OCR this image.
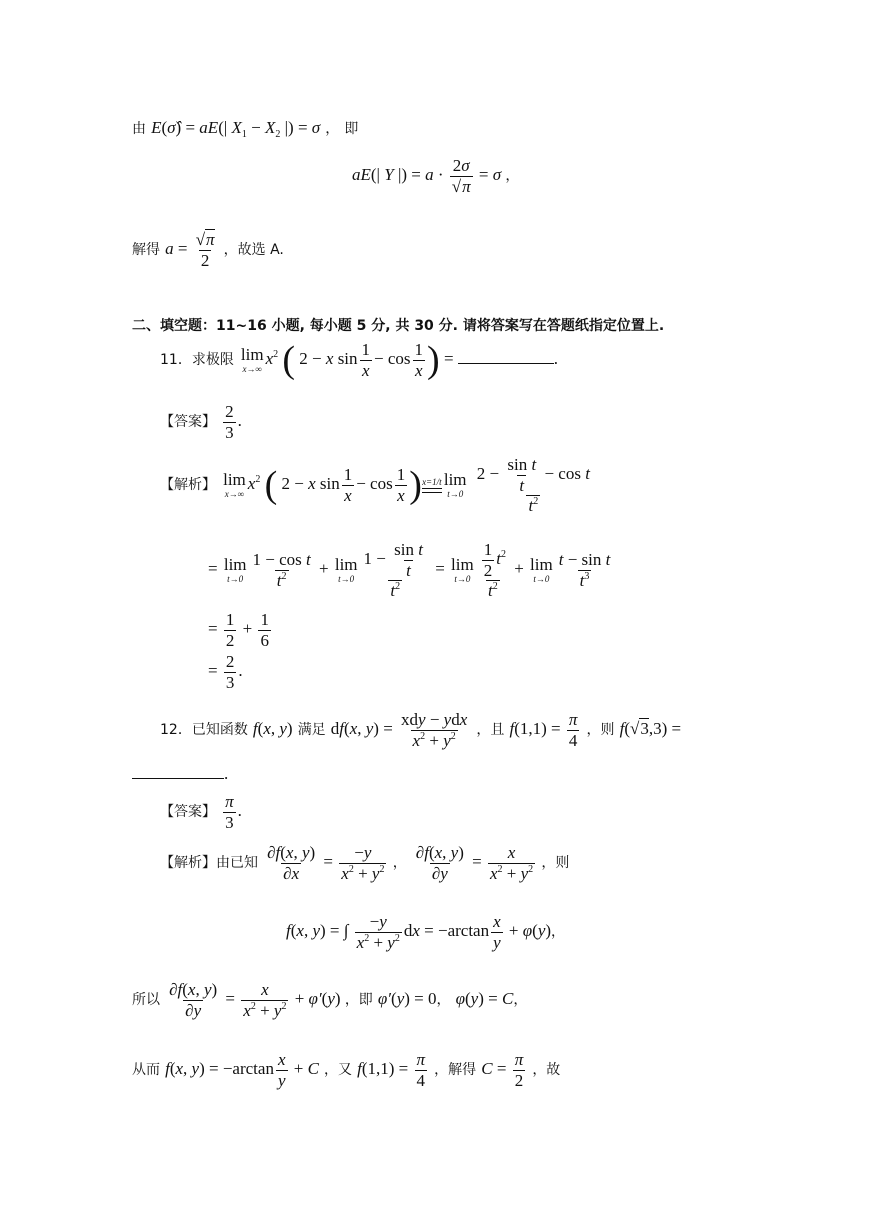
由 E(σ̂) = aE(| $X_1 - X_2$ |) = σ ， 即
aE(| Y |) = $a \cdot \frac{2\sigma}{√\pi} = \sigma$ ，
解得 $a = \frac{√\pi}{2}$ ，故选 A.
二、填空题：11~16 小题, 每小题 5 分, 共 30 分. 请将答案写在答题纸指定位置上.
11．求极限 lim
x→∞
$x^2$ ( 2 − x $\sin \frac{1}{x} - \cos \frac{1}{x}$ ) =	.
【答案】 $\frac{2}{3}$ .
【解析】 lim
x→∞
$x^2$ ( 2 − x $\sin \frac{1}{x} - \cos \frac{1}{x}$ ) x=1/t lim
t→0
$\frac{2 - \frac{\text{sin t}}{t} - \cos t}{t^2}$
= lim
$t\to 0 \frac{\text{1 − cos t}}{t^2} + \lim$
$t\to 0 \frac{1 - \frac{\text{sin t}}{t}}{t^2} = \lim$
$t\to 0 \frac{\frac{1}{2} t^2}{t^2} + \lim$
$t\to 0 \frac{\text{t − sin t}}{t^3}$
= $\frac{1}{2} + \frac{1}{6}$
= $\frac{2}{3}$ .
12．已知函数 f(x, y) 满足 df(x, $y) = \frac{\text{xdy − ydx}}{x^2 + y^2}$ ，且 $f(1,1) = \frac{\pi}{4}$ ，则 f(√3,3) =
.
【答案】 $\frac{\pi}{3}$ .
【解析】由已知 $\frac{\partial f(x, y)}{\partial x} = \frac{-y}{x^2 + y^2}$ ， $\frac{\partial f(x, y)}{\partial y} = \frac{x}{x^2 + y^2}$ ，则
f(x, y) = ∫ $\frac{-y}{x^2 + y^2}$ dx = $-\arctan \frac{x}{y} + \varphi(y)$，
所以 $\frac{\partial f(x, y)}{\partial y} = \frac{x}{x^2 + y^2} + \varphi'(y)$ ，即 φ′(y) = 0， φ(y) = C，
从而 f(x, $y) = -\arctan \frac{x}{y} + C$ ，又 $f(1,1) = \frac{\pi}{4}$ ，解得 $C = \frac{\pi}{2}$ ，故
